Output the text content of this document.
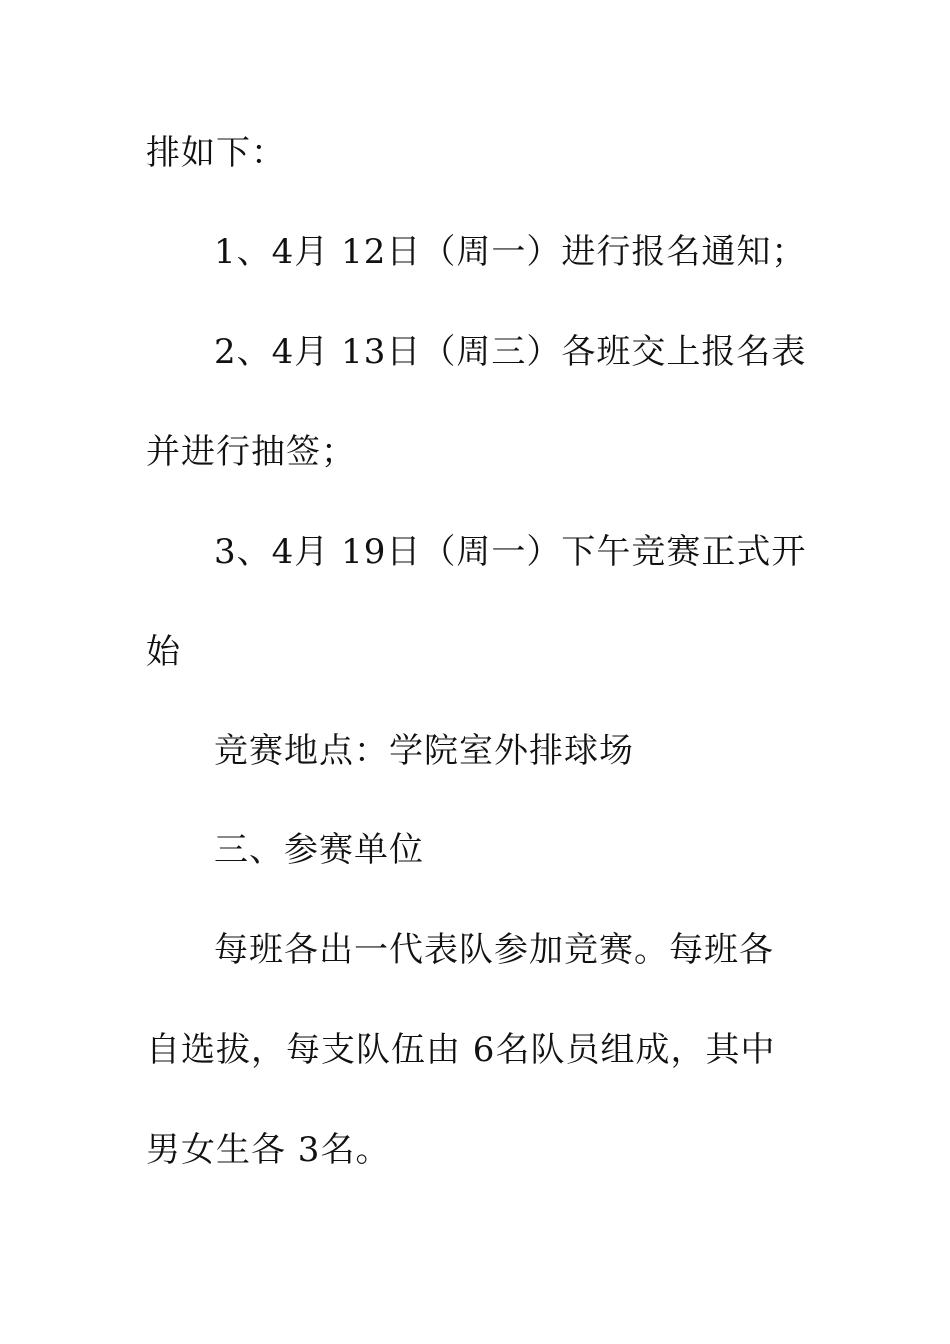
排如下：
1、4月 12日（周一）进行报名通知；
2、4月 13日（周三）各班交上报名表
并进行抽签；
3、4月 19日（周一）下午竞赛正式开
始
竞赛地点：学院室外排球场
三、参赛单位
每班各出一代表队参加竞赛。每班各
自选拔，每支队伍由 6名队员组成，其中
男女生各 3名。
